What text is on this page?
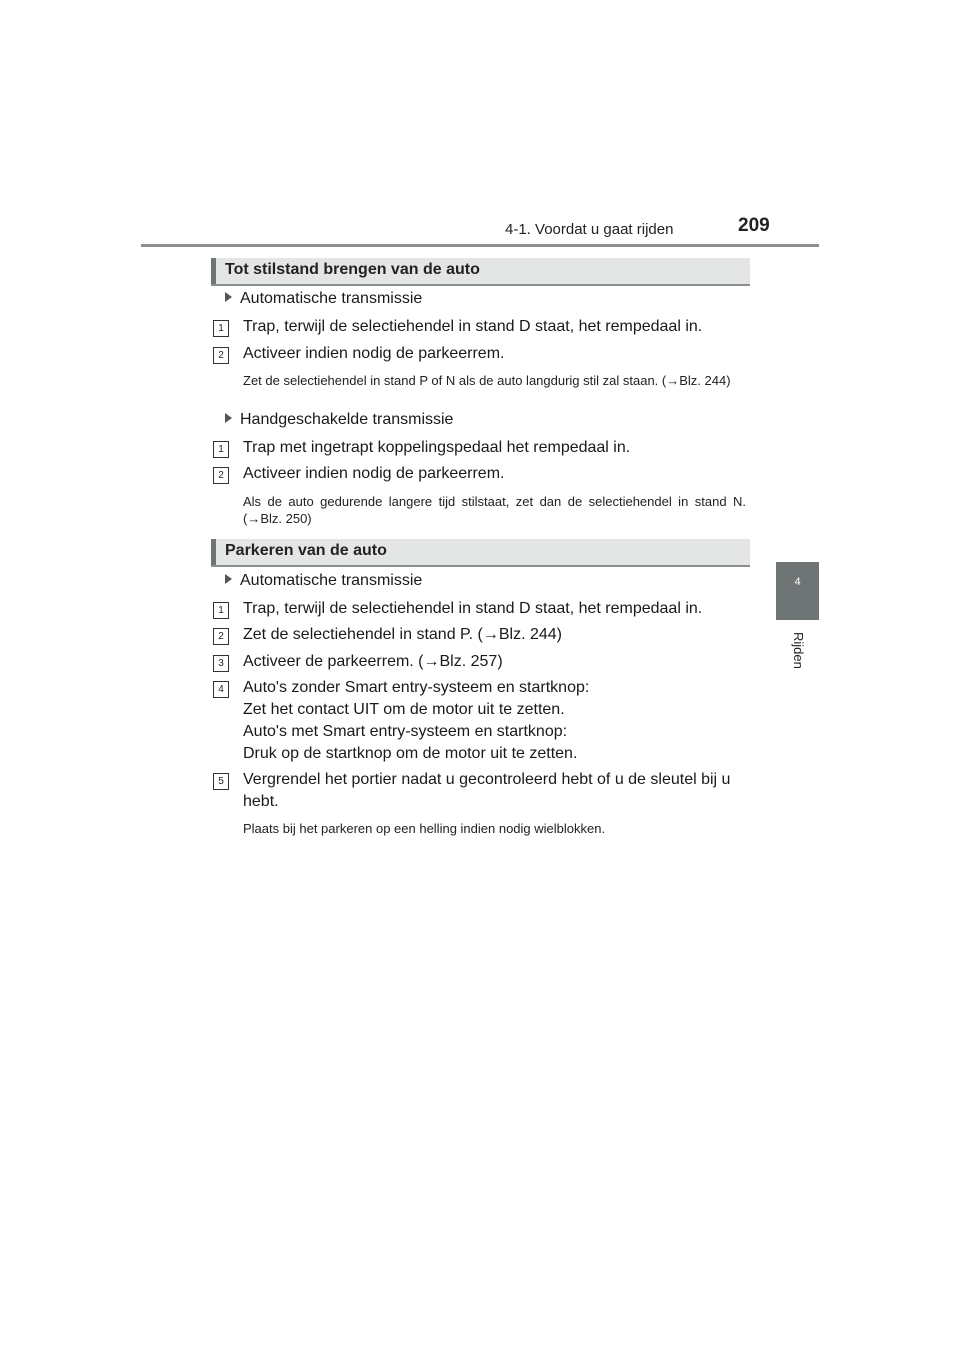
4-1. Voordat u gaat rijden	209
4
Rijden
Tot stilstand brengen van de auto
Automatische transmissie
1	Trap, terwijl de selectiehendel in stand D staat, het rempedaal in.
2	Activeer indien nodig de parkeerrem.
Zet de selectiehendel in stand P of N als de auto langdurig stil zal staan. (→Blz. 244)
Handgeschakelde transmissie
1	Trap met ingetrapt koppelingspedaal het rempedaal in.
2	Activeer indien nodig de parkeerrem.
Als de auto gedurende langere tijd stilstaat, zet dan de selectiehendel in stand N. (→Blz. 250)
Parkeren van de auto
Automatische transmissie
1	Trap, terwijl de selectiehendel in stand D staat, het rempedaal in.
2	Zet de selectiehendel in stand P. (→Blz. 244)
3	Activeer de parkeerrem. (→Blz. 257)
4	Auto's zonder Smart entry-systeem en startknop:
Zet het contact UIT om de motor uit te zetten.
Auto's met Smart entry-systeem en startknop:
Druk op de startknop om de motor uit te zetten.
5	Vergrendel het portier nadat u gecontroleerd hebt of u de sleutel bij u hebt.
Plaats bij het parkeren op een helling indien nodig wielblokken.
